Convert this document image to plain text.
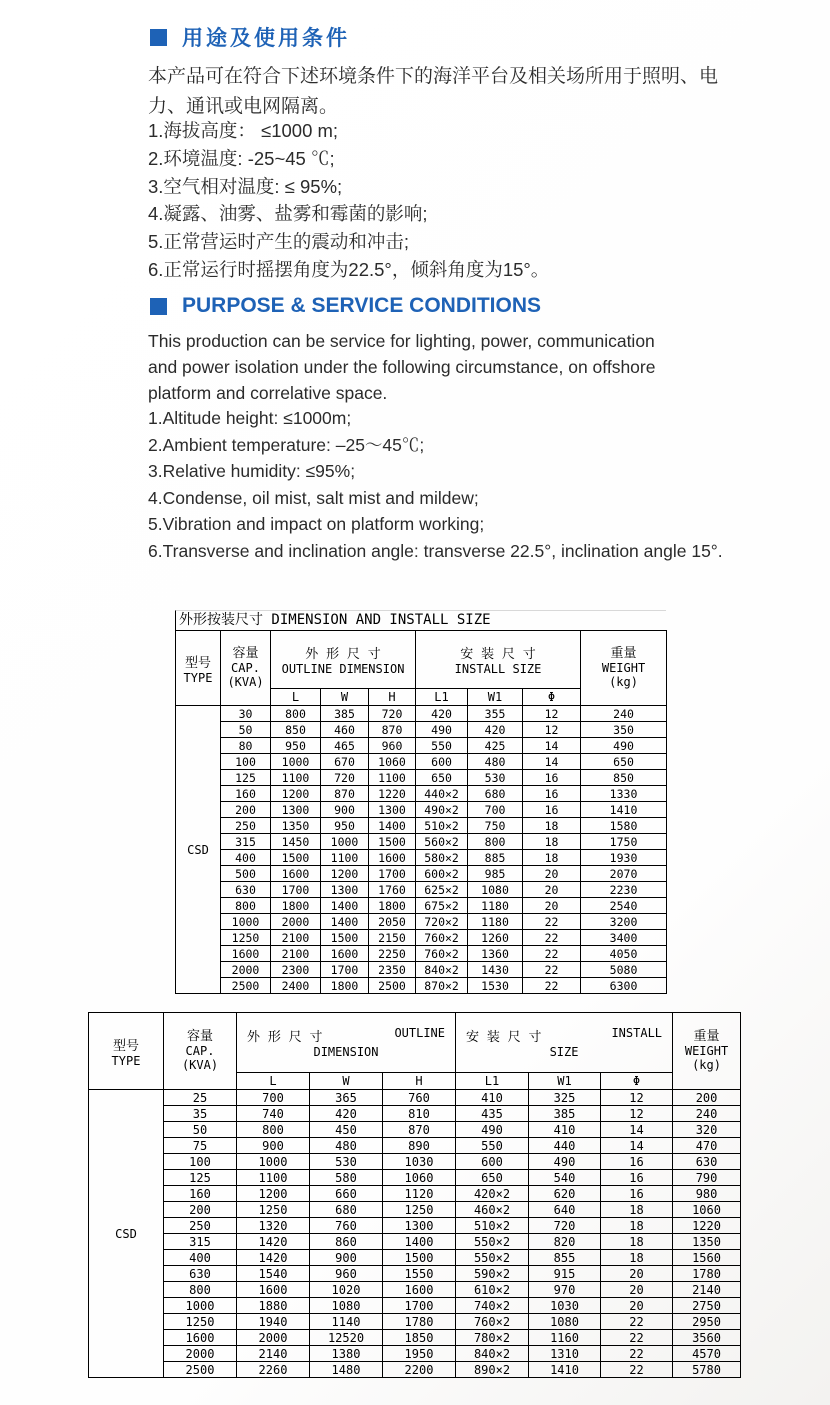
用途及使用条件
本产品可在符合下述环境条件下的海洋平台及相关场所用于照明、电力、通讯或电网隔离。
1.海拔高度： ≤1000 m;
2.环境温度: -25~45 ℃;
3.空气相对温度: ≤ 95%;
4.凝露、油雾、盐雾和霉菌的影响;
5.正常营运时产生的震动和冲击;
6.正常运行时摇摆角度为22.5°，倾斜角度为15°。
PURPOSE & SERVICE CONDITIONS
This production can be service for lighting, power, communication and power isolation under the following circumstance, on offshore platform and correlative space.
1.Altitude height: ≤1000m;
2.Ambient temperature: –25～45℃;
3.Relative humidity: ≤95%;
4.Condense, oil mist, salt mist and mildew;
5.Vibration and impact on platform working;
6.Transverse and inclination angle: transverse 22.5°, inclination angle 15°.
外形按装尺寸 DIMENSION AND INSTALL SIZE
型号
TYPE

容量
CAP.
(KVA)

外 形 尺 寸
OUTLINE DIMENSION

安 装 尺 寸
INSTALL SIZE

重量
WEIGHT
(kg)

		L	W	H	L1	W1	Φ	
CSD	30	800	385	720	420	355	12	240
	50	850	460	870	490	420	12	350
	80	950	465	960	550	425	14	490
	100	1000	670	1060	600	480	14	650
	125	1100	720	1100	650	530	16	850
	160	1200	870	1220	440×2	680	16	1330
	200	1300	900	1300	490×2	700	16	1410
	250	1350	950	1400	510×2	750	18	1580
	315	1450	1000	1500	560×2	800	18	1750
	400	1500	1100	1600	580×2	885	18	1930
	500	1600	1200	1700	600×2	985	20	2070
	630	1700	1300	1760	625×2	1080	20	2230
	800	1800	1400	1800	675×2	1180	20	2540
	1000	2000	1400	2050	720×2	1180	22	3200
	1250	2100	1500	2150	760×2	1260	22	3400
	1600	2100	1600	2250	760×2	1360	22	4050
	2000	2300	1700	2350	840×2	1430	22	5080
	2500	2400	1800	2500	870×2	1530	22	6300
型号
TYPE

容量
CAP.
(KVA)

外 形 尺 寸	OUTLINE
DIMENSION

安 装 尺 寸	INSTALL
SIZE

重量
WEIGHT
(kg)

		L	W	H	L1	W1	Φ	
CSD	25	700	365	760	410	325	12	200
	35	740	420	810	435	385	12	240
	50	800	450	870	490	410	14	320
	75	900	480	890	550	440	14	470
	100	1000	530	1030	600	490	16	630
	125	1100	580	1060	650	540	16	790
	160	1200	660	1120	420×2	620	16	980
	200	1250	680	1250	460×2	640	18	1060
	250	1320	760	1300	510×2	720	18	1220
	315	1420	860	1400	550×2	820	18	1350
	400	1420	900	1500	550×2	855	18	1560
	630	1540	960	1550	590×2	915	20	1780
	800	1600	1020	1600	610×2	970	20	2140
	1000	1880	1080	1700	740×2	1030	20	2750
	1250	1940	1140	1780	760×2	1080	22	2950
	1600	2000	12520	1850	780×2	1160	22	3560
	2000	2140	1380	1950	840×2	1310	22	4570
	2500	2260	1480	2200	890×2	1410	22	5780
